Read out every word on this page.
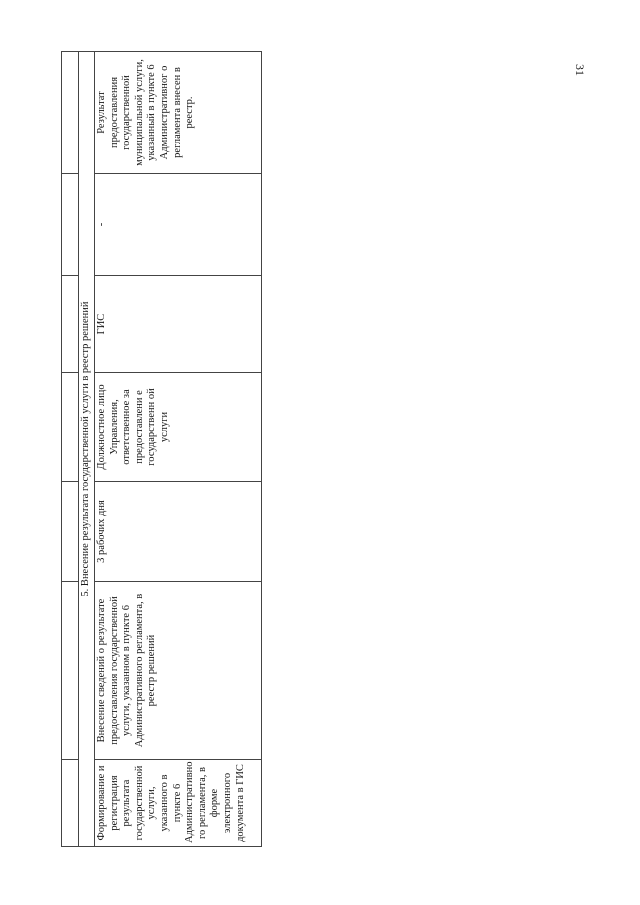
31

5. Внесение результата государственной услуги в реестр решений						
Формирование и регистрация результата государственной услуги, указанного в пункте 6 Административно го регламента, в форме электронного документа в ГИС	Внесение сведений о результате предоставления государственной услуги, указанном в пункте 6 Административного регламента, в реестр решений	3 рабочих дня	Должностное лицо Управления, ответственное за предоставлени е государственн ой услуги	ГИС	-	Результат предоставления государственной муниципальной услуги, указанный в пункте 6 Административног о регламента внесен в реестр.
